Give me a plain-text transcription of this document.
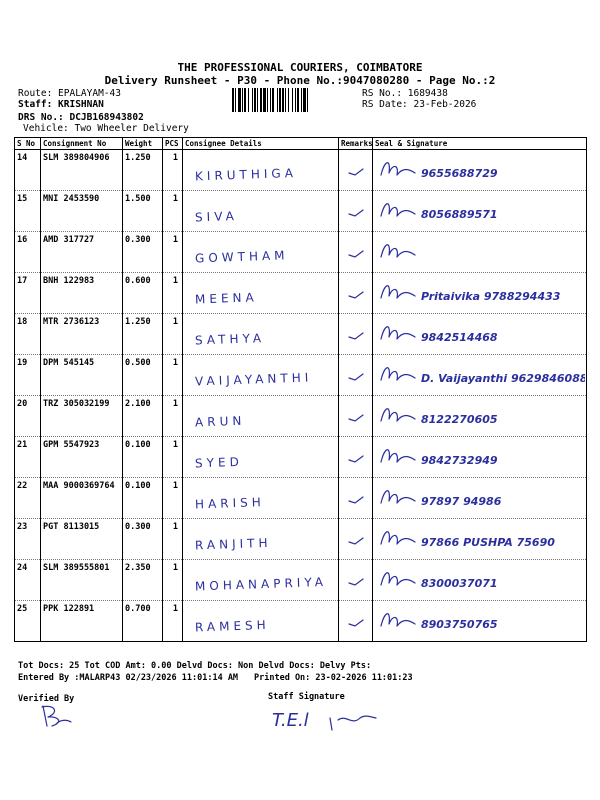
THE PROFESSIONAL COURIERS, COIMBATORE
Delivery Runsheet - P30 - Phone No.:9047080280 - Page No.:2
Route: EPALAYAM-43
Staff: KRISHNAN
DRS No.: DCJB168943802
Vehicle: Two Wheeler Delivery
RS No.: 1689438
RS Date: 23-Feb-2026
S No	Consignment No	Weight	PCS	Consignee Details	Remarks	Seal & Signature
14	SLM 389804906	1.250	1	KIRUTHIGA		9655688729

15	MNI 2453590	1.500	1	SIVA		8056889571

16	AMD 317727	0.300	1	GOWTHAM

17	BNH 122983	0.600	1	MEENA		Pritaivika 9788294433

18	MTR 2736123	1.250	1	SATHYA		9842514468

19	DPM 545145	0.500	1	VAIJAYANTHI		D. Vaijayanthi 9629846088

20	TRZ 305032199	2.100	1	ARUN		8122270605

21	GPM 5547923	0.100	1	SYED		9842732949

22	MAA 9000369764	0.100	1	HARISH		97897 94986

23	PGT 8113015	0.300	1	RANJITH		97866 PUSHPA 75690

24	SLM 389555801	2.350	1	MOHANAPRIYA		8300037071

25	PPK 122891	0.700	1	RAMESH		8903750765
Tot Docs: 25 Tot COD Amt: 0.00 Delvd Docs: Non Delvd Docs: Delvy Pts:
Entered By :MALARP43 02/23/2026 11:01:14 AM Printed On: 23-02-2026 11:01:23
Verified By	Staff Signature
T.E.l
